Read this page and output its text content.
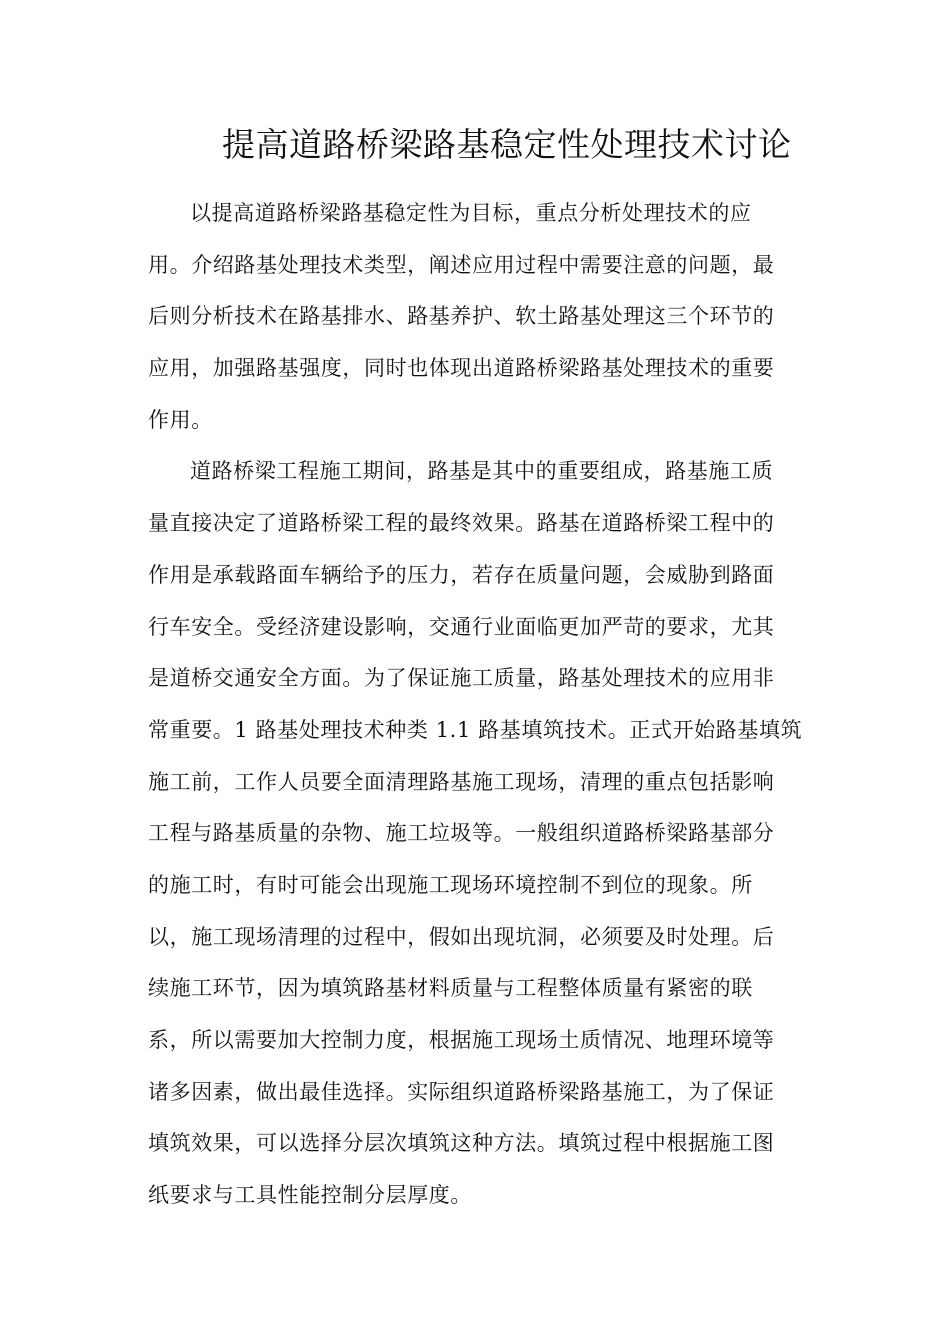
提高道路桥梁路基稳定性处理技术讨论
以提高道路桥梁路基稳定性为目标，重点分析处理技术的应
用。介绍路基处理技术类型，阐述应用过程中需要注意的问题，最
后则分析技术在路基排水、路基养护、软土路基处理这三个环节的
应用，加强路基强度，同时也体现出道路桥梁路基处理技术的重要
作用。
道路桥梁工程施工期间，路基是其中的重要组成，路基施工质
量直接决定了道路桥梁工程的最终效果。路基在道路桥梁工程中的
作用是承载路面车辆给予的压力，若存在质量问题，会威胁到路面
行车安全。受经济建设影响，交通行业面临更加严苛的要求，尤其
是道桥交通安全方面。为了保证施工质量，路基处理技术的应用非
常重要。1 路基处理技术种类 1.1 路基填筑技术。正式开始路基填筑
施工前，工作人员要全面清理路基施工现场，清理的重点包括影响
工程与路基质量的杂物、施工垃圾等。一般组织道路桥梁路基部分
的施工时，有时可能会出现施工现场环境控制不到位的现象。所
以，施工现场清理的过程中，假如出现坑洞，必须要及时处理。后
续施工环节，因为填筑路基材料质量与工程整体质量有紧密的联
系，所以需要加大控制力度，根据施工现场土质情况、地理环境等
诸多因素，做出最佳选择。实际组织道路桥梁路基施工，为了保证
填筑效果，可以选择分层次填筑这种方法。填筑过程中根据施工图
纸要求与工具性能控制分层厚度。
